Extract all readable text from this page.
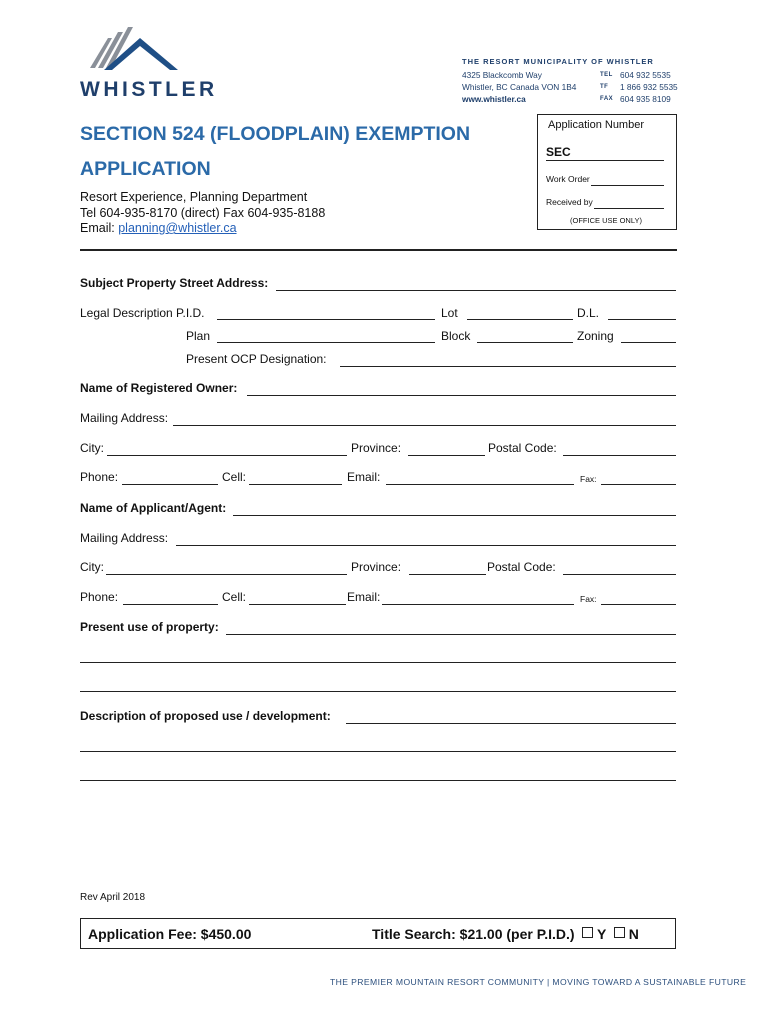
WHISTLER
THE RESORT MUNICIPALITY OF WHISTLER
4325 Blackcomb Way
Whistler, BC Canada VON 1B4
www.whistler.ca
TEL 604 932 5535
TF 1 866 932 5535
FAX 604 935 8109
SECTION 524 (FLOODPLAIN) EXEMPTION
APPLICATION
Resort Experience, Planning Department
Tel 604-935-8170 (direct) Fax 604-935-8188
Email: planning@whistler.ca
Application Number
SEC
Work Order
Received by
(OFFICE USE ONLY)
Subject Property Street Address:
Legal Description P.I.D.	Lot	D.L.
Plan	Block	Zoning
Present OCP Designation:
Name of Registered Owner:
Mailing Address:
City:	Province:	Postal Code:
Phone:	Cell:	Email:	Fax:
Name of Applicant/Agent:
Mailing Address:
City:	Province:	Postal Code:
Phone:	Cell:	Email:	Fax:
Present use of property:
Description of proposed use / development:
Rev April 2018
Application Fee: $450.00	Title Search: $21.00 (per P.I.D.) Y N
THE PREMIER MOUNTAIN RESORT COMMUNITY | MOVING TOWARD A SUSTAINABLE FUTURE
